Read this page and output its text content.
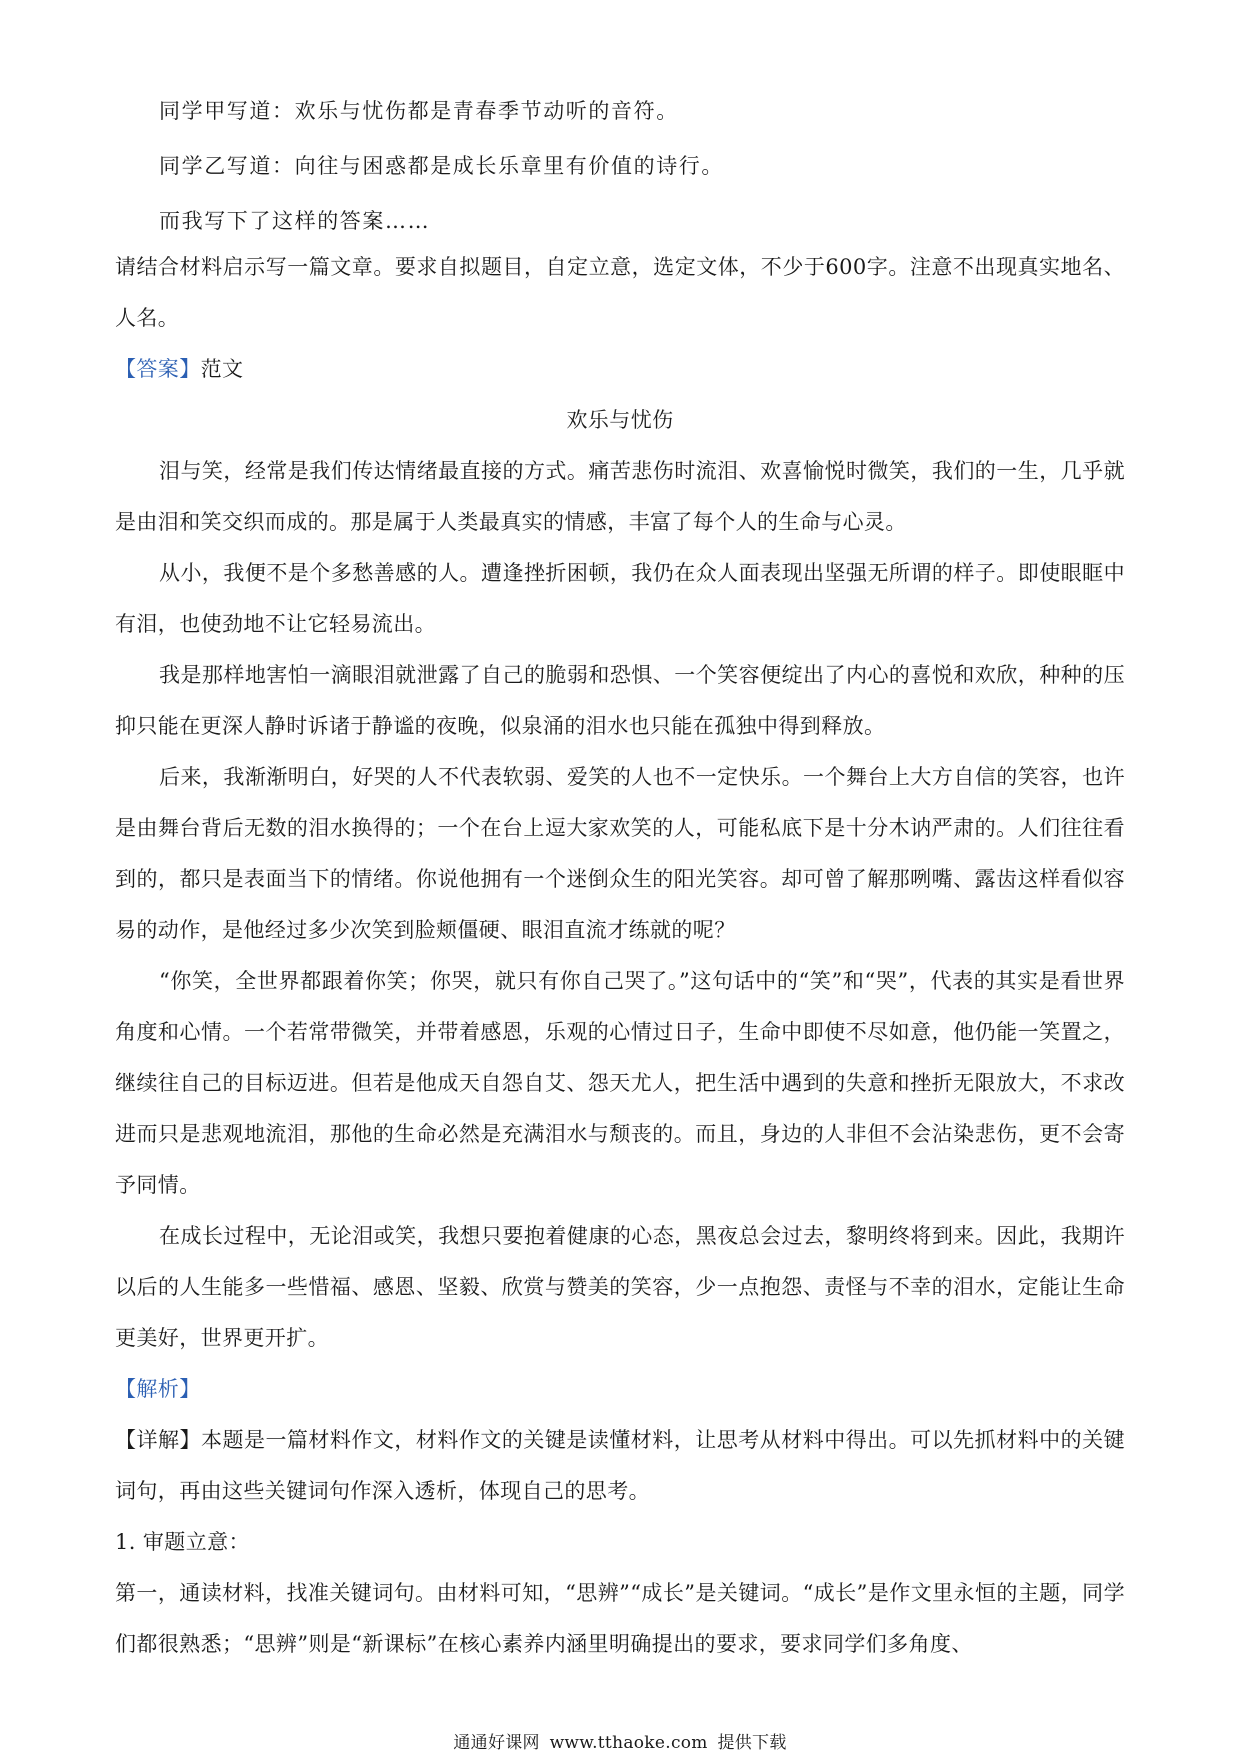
同学甲写道：欢乐与忧伤都是青春季节动听的音符。

同学乙写道：向往与困惑都是成长乐章里有价值的诗行。

而我写下了这样的答案……

请结合材料启示写一篇文章。要求自拟题目，自定立意，选定文体，不少于600字。注意不出现真实地名、人名。

【答案】范文

欢乐与忧伤

泪与笑，经常是我们传达情绪最直接的方式。痛苦悲伤时流泪、欢喜愉悦时微笑，我们的一生，几乎就是由泪和笑交织而成的。那是属于人类最真实的情感，丰富了每个人的生命与心灵。

从小，我便不是个多愁善感的人。遭逢挫折困顿，我仍在众人面表现出坚强无所谓的样子。即使眼眶中有泪，也使劲地不让它轻易流出。

我是那样地害怕一滴眼泪就泄露了自己的脆弱和恐惧、一个笑容便绽出了内心的喜悦和欢欣，种种的压抑只能在更深人静时诉诸于静谧的夜晚，似泉涌的泪水也只能在孤独中得到释放。

后来，我渐渐明白，好哭的人不代表软弱、爱笑的人也不一定快乐。一个舞台上大方自信的笑容，也许是由舞台背后无数的泪水换得的；一个在台上逗大家欢笑的人，可能私底下是十分木讷严肃的。人们往往看到的，都只是表面当下的情绪。你说他拥有一个迷倒众生的阳光笑容。却可曾了解那咧嘴、露齿这样看似容易的动作，是他经过多少次笑到脸颊僵硬、眼泪直流才练就的呢？

“你笑，全世界都跟着你笑；你哭，就只有你自己哭了。”这句话中的“笑”和“哭”，代表的其实是看世界角度和心情。一个若常带微笑，并带着感恩，乐观的心情过日子，生命中即使不尽如意，他仍能一笑置之，继续往自己的目标迈进。但若是他成天自怨自艾、怨天尤人，把生活中遇到的失意和挫折无限放大，不求改进而只是悲观地流泪，那他的生命必然是充满泪水与颓丧的。而且，身边的人非但不会沾染悲伤，更不会寄予同情。

在成长过程中，无论泪或笑，我想只要抱着健康的心态，黑夜总会过去，黎明终将到来。因此，我期许以后的人生能多一些惜福、感恩、坚毅、欣赏与赞美的笑容，少一点抱怨、责怪与不幸的泪水，定能让生命更美好，世界更开扩。

【解析】

【详解】本题是一篇材料作文，材料作文的关键是读懂材料，让思考从材料中得出。可以先抓材料中的关键词句，再由这些关键词句作深入透析，体现自己的思考。

1. 审题立意：

第一，通读材料，找准关键词句。由材料可知，“思辨”“成长”是关键词。“成长”是作文里永恒的主题，同学们都很熟悉；“思辨”则是“新课标”在核心素养内涵里明确提出的要求，要求同学们多角度、

通通好课网 www.tthaoke.com 提供下载
